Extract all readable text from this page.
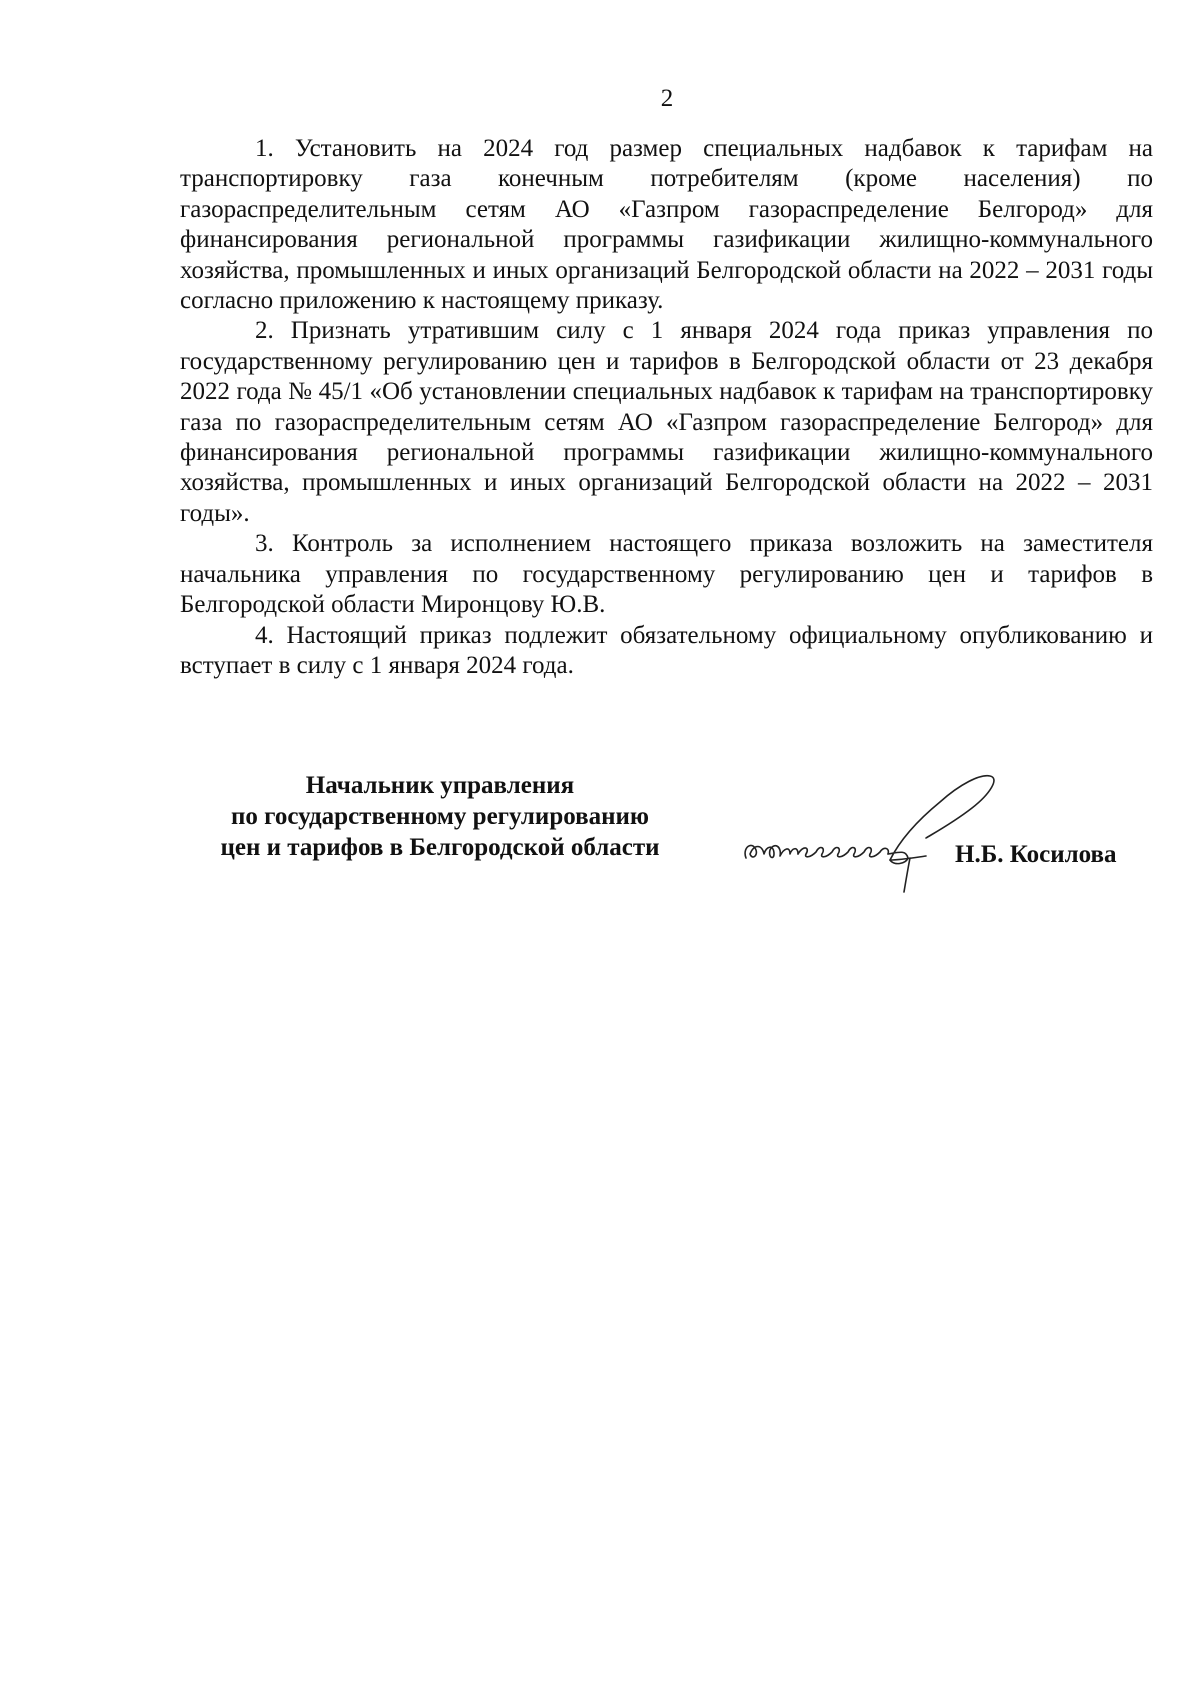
2

1. Установить на 2024 год размер специальных надбавок к тарифам на транспортировку газа конечным потребителям (кроме населения) по газораспределительным сетям АО «Газпром газораспределение Белгород» для финансирования региональной программы газификации жилищно-коммунального хозяйства, промышленных и иных организаций Белгородской области на 2022 – 2031 годы согласно приложению к настоящему приказу.

2. Признать утратившим силу с 1 января 2024 года приказ управления по государственному регулированию цен и тарифов в Белгородской области от 23 декабря 2022 года № 45/1 «Об установлении специальных надбавок к тарифам на транспортировку газа по газораспределительным сетям АО «Газпром газораспределение Белгород» для финансирования региональной программы газификации жилищно-коммунального хозяйства, промышленных и иных организаций Белгородской области на 2022 – 2031 годы».

3. Контроль за исполнением настоящего приказа возложить на заместителя начальника управления по государственному регулированию цен и тарифов в Белгородской области Миронцову Ю.В.

4. Настоящий приказ подлежит обязательному официальному опубликованию и вступает в силу с 1 января 2024 года.

Начальник управления
по государственному регулированию
цен и тарифов в Белгородской области	Н.Б. Косилова
